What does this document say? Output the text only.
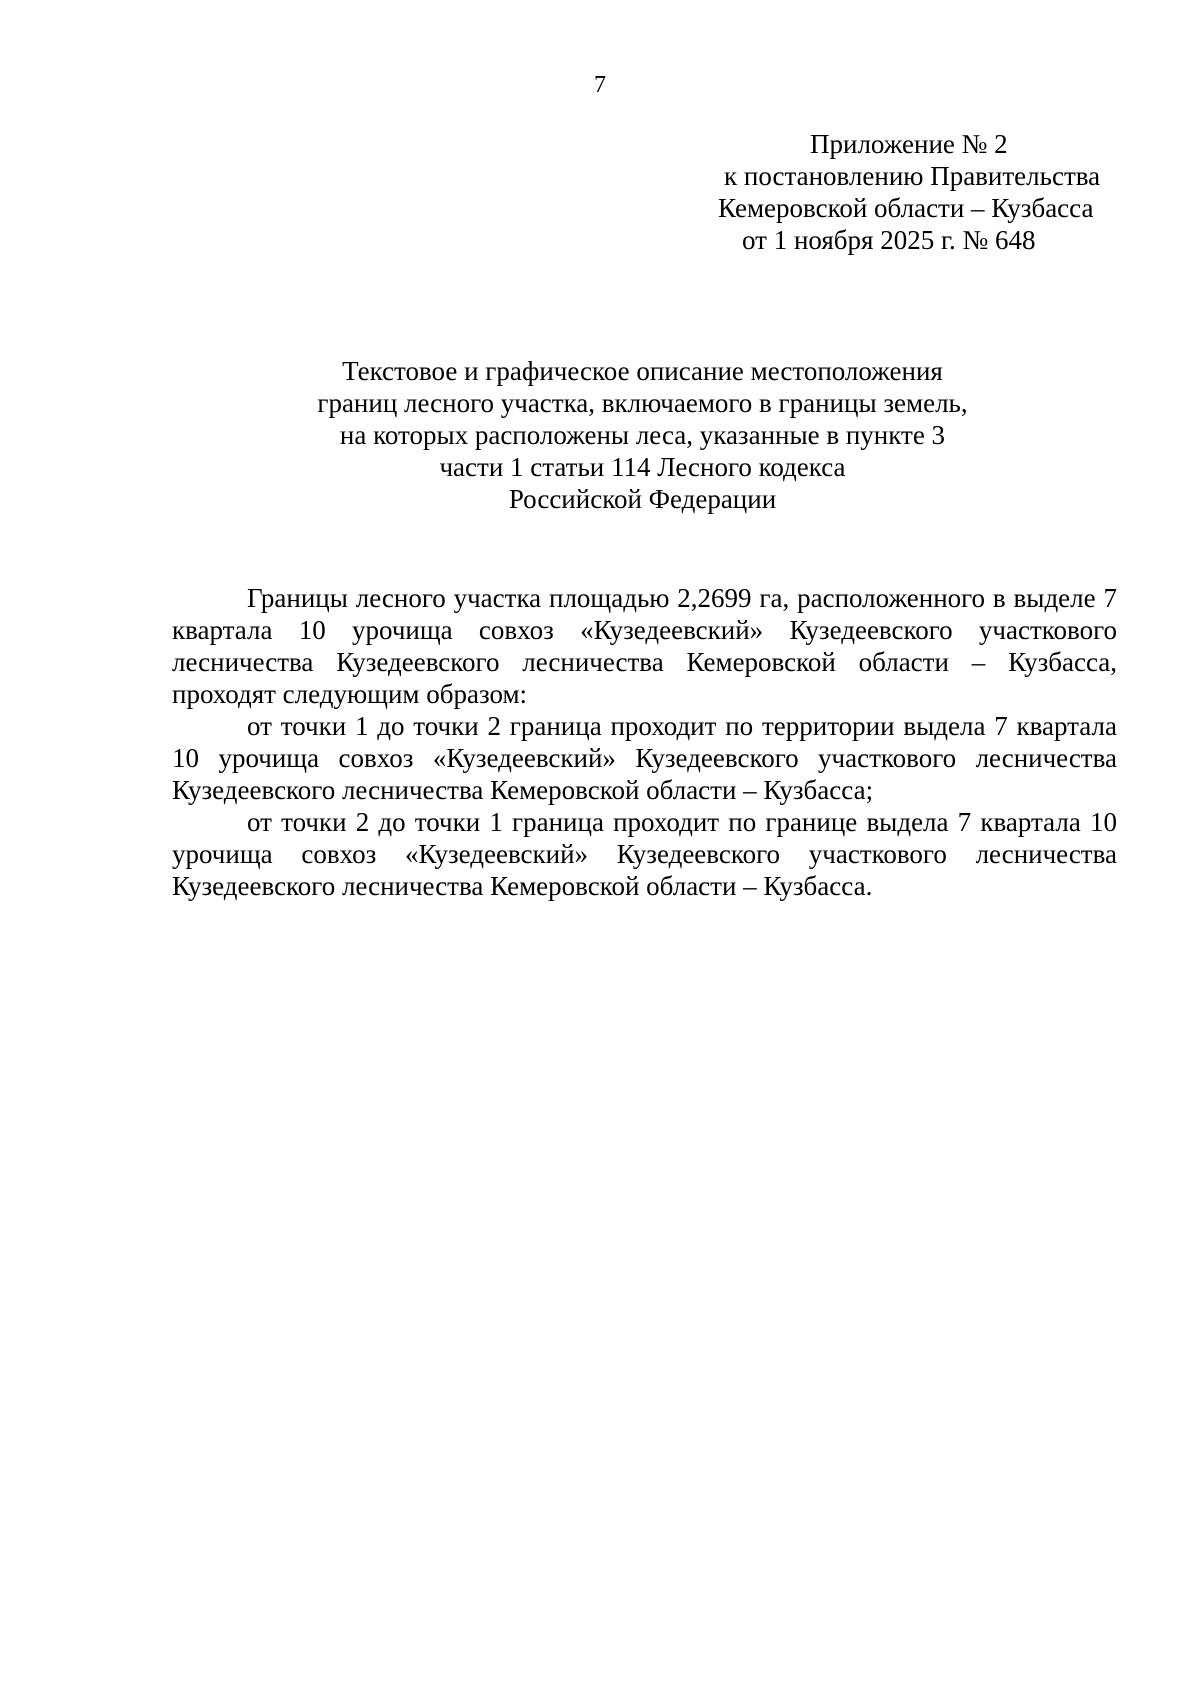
7
Приложение № 2
к постановлению Правительства
Кемеровской области – Кузбасса
от 1 ноября 2025 г. № 648
Текстовое и графическое описание местоположения
границ лесного участка, включаемого в границы земель,
на которых расположены леса, указанные в пункте 3
части 1 статьи 114 Лесного кодекса
Российской Федерации

Границы лесного участка площадью 2,2699 га, расположенного в выделе 7 квартала 10 урочища совхоз «Кузедеевский» Кузедеевского участкового лесничества Кузедеевского лесничества Кемеровской области – Кузбасса, проходят следующим образом:

от точки 1 до точки 2 граница проходит по территории выдела 7 квартала 10 урочища совхоз «Кузедеевский» Кузедеевского участкового лесничества Кузедеевского лесничества Кемеровской области – Кузбасса;

от точки 2 до точки 1 граница проходит по границе выдела 7 квартала 10 урочища совхоз «Кузедеевский» Кузедеевского участкового лесничества Кузедеевского лесничества Кемеровской области – Кузбасса.
